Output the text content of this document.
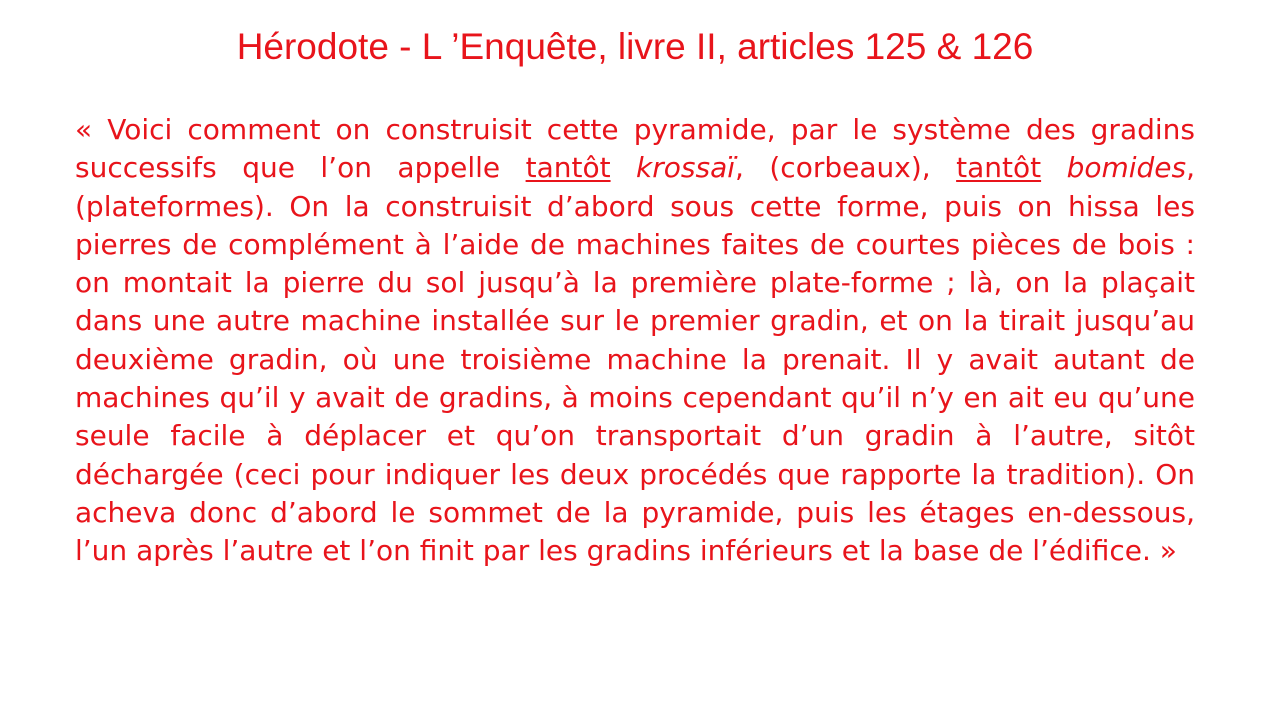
Hérodote - L ’Enquête, livre II, articles 125 & 126

« Voici comment on construisit cette pyramide, par le système des gradins successifs que l’on appelle tantôt krossaï, (corbeaux), tantôt bomides, (plateformes). On la construisit d’abord sous cette forme, puis on hissa les pierres de complément à l’aide de machines faites de courtes pièces de bois : on montait la pierre du sol jusqu’à la première plate-forme ; là, on la plaçait dans une autre machine installée sur le premier gradin, et on la tirait jusqu’au deuxième gradin, où une troisième machine la prenait. Il y avait autant de machines qu’il y avait de gradins, à moins cependant qu’il n’y en ait eu qu’une seule facile à déplacer et qu’on transportait d’un gradin à l’autre, sitôt déchargée (ceci pour indiquer les deux procédés que rapporte la tradition). On acheva donc d’abord le sommet de la pyramide, puis les étages en-dessous, l’un après l’autre et l’on finit par les gradins inférieurs et la base de l’édifice. »
